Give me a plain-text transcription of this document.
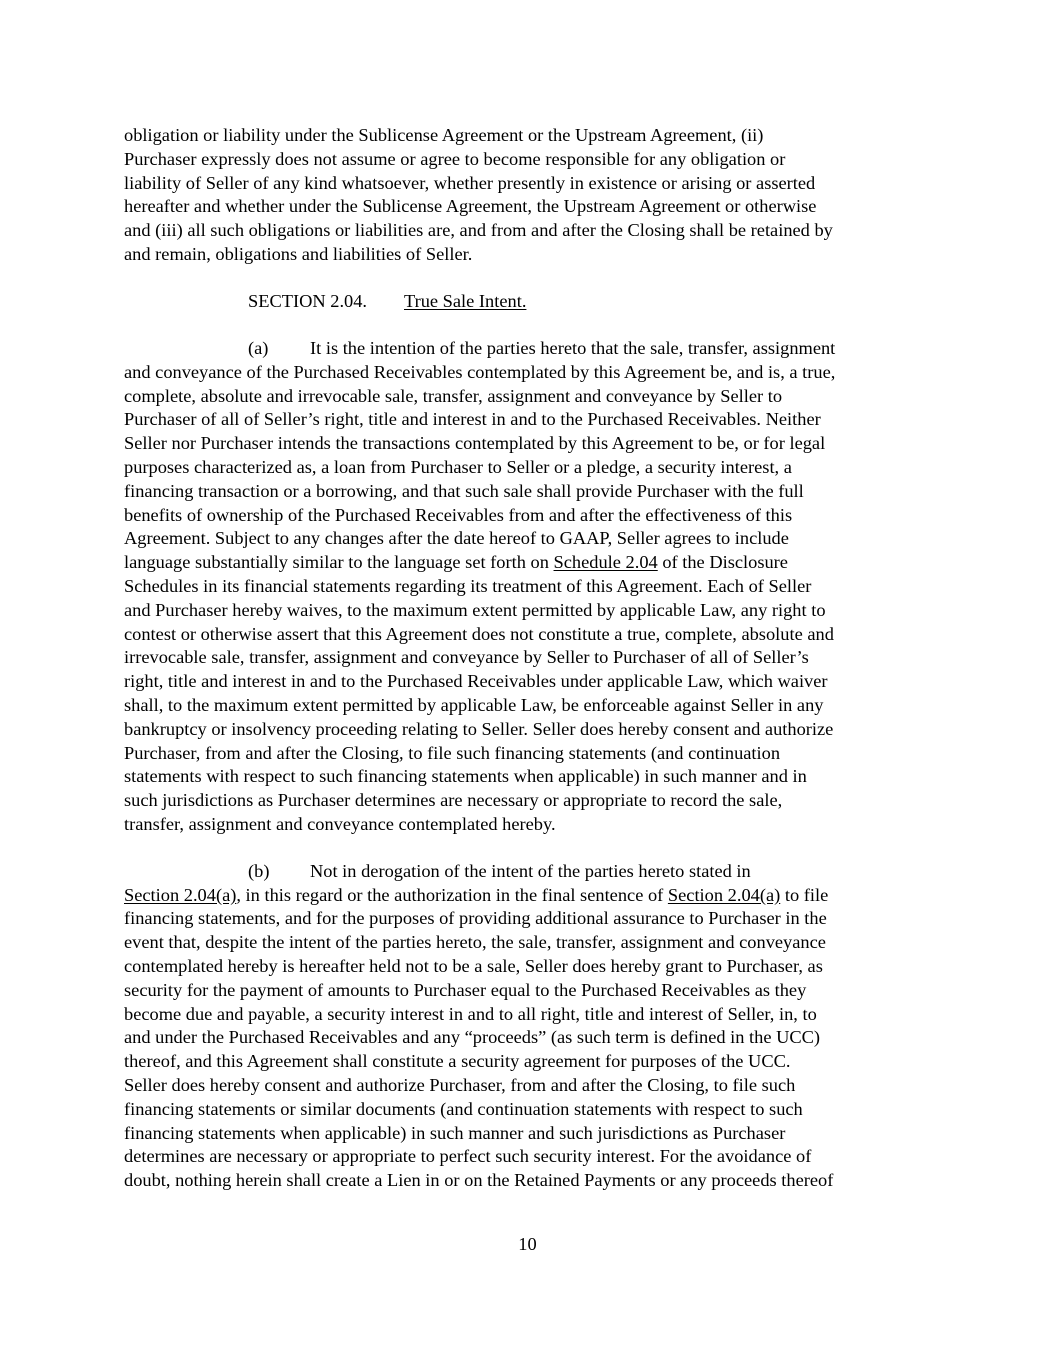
obligation or liability under the Sublicense Agreement or the Upstream Agreement, (ii)
Purchaser expressly does not assume or agree to become responsible for any obligation or
liability of Seller of any kind whatsoever, whether presently in existence or arising or asserted
hereafter and whether under the Sublicense Agreement, the Upstream Agreement or otherwise
and (iii) all such obligations or liabilities are, and from and after the Closing shall be retained by
and remain, obligations and liabilities of Seller.
SECTION 2.04. True Sale Intent.
(a) It is the intention of the parties hereto that the sale, transfer, assignment
and conveyance of the Purchased Receivables contemplated by this Agreement be, and is, a true,
complete, absolute and irrevocable sale, transfer, assignment and conveyance by Seller to
Purchaser of all of Seller’s right, title and interest in and to the Purchased Receivables. Neither
Seller nor Purchaser intends the transactions contemplated by this Agreement to be, or for legal
purposes characterized as, a loan from Purchaser to Seller or a pledge, a security interest, a
financing transaction or a borrowing, and that such sale shall provide Purchaser with the full
benefits of ownership of the Purchased Receivables from and after the effectiveness of this
Agreement. Subject to any changes after the date hereof to GAAP, Seller agrees to include
language substantially similar to the language set forth on Schedule 2.04 of the Disclosure
Schedules in its financial statements regarding its treatment of this Agreement. Each of Seller
and Purchaser hereby waives, to the maximum extent permitted by applicable Law, any right to
contest or otherwise assert that this Agreement does not constitute a true, complete, absolute and
irrevocable sale, transfer, assignment and conveyance by Seller to Purchaser of all of Seller’s
right, title and interest in and to the Purchased Receivables under applicable Law, which waiver
shall, to the maximum extent permitted by applicable Law, be enforceable against Seller in any
bankruptcy or insolvency proceeding relating to Seller. Seller does hereby consent and authorize
Purchaser, from and after the Closing, to file such financing statements (and continuation
statements with respect to such financing statements when applicable) in such manner and in
such jurisdictions as Purchaser determines are necessary or appropriate to record the sale,
transfer, assignment and conveyance contemplated hereby.
(b) Not in derogation of the intent of the parties hereto stated in
Section 2.04(a), in this regard or the authorization in the final sentence of Section 2.04(a) to file
financing statements, and for the purposes of providing additional assurance to Purchaser in the
event that, despite the intent of the parties hereto, the sale, transfer, assignment and conveyance
contemplated hereby is hereafter held not to be a sale, Seller does hereby grant to Purchaser, as
security for the payment of amounts to Purchaser equal to the Purchased Receivables as they
become due and payable, a security interest in and to all right, title and interest of Seller, in, to
and under the Purchased Receivables and any “proceeds” (as such term is defined in the UCC)
thereof, and this Agreement shall constitute a security agreement for purposes of the UCC.
Seller does hereby consent and authorize Purchaser, from and after the Closing, to file such
financing statements or similar documents (and continuation statements with respect to such
financing statements when applicable) in such manner and such jurisdictions as Purchaser
determines are necessary or appropriate to perfect such security interest. For the avoidance of
doubt, nothing herein shall create a Lien in or on the Retained Payments or any proceeds thereof
10
